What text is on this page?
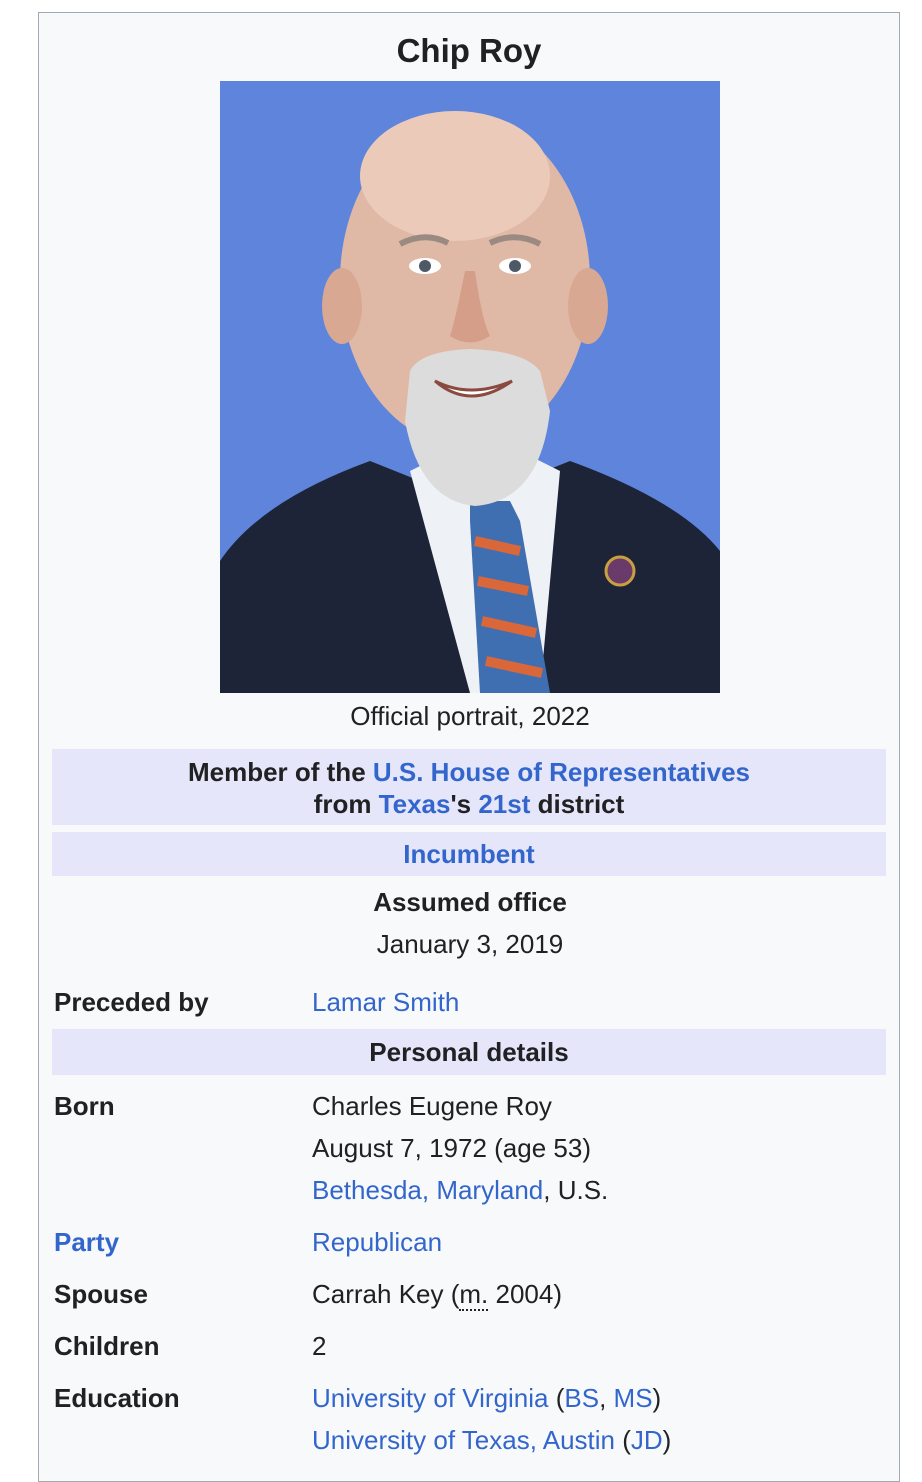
Chip Roy
Official portrait, 2022
Member of the U.S. House of Representatives
from Texas's 21st district
Incumbent
Assumed office
January 3, 2019
Preceded by	Lamar Smith
Personal details
Born	Charles Eugene Roy
August 7, 1972 (age 53)
Bethesda, Maryland, U.S.
Party	Republican
Spouse	Carrah Key (m. 2004)
Children	2
Education	University of Virginia (BS, MS)
University of Texas, Austin (JD)
